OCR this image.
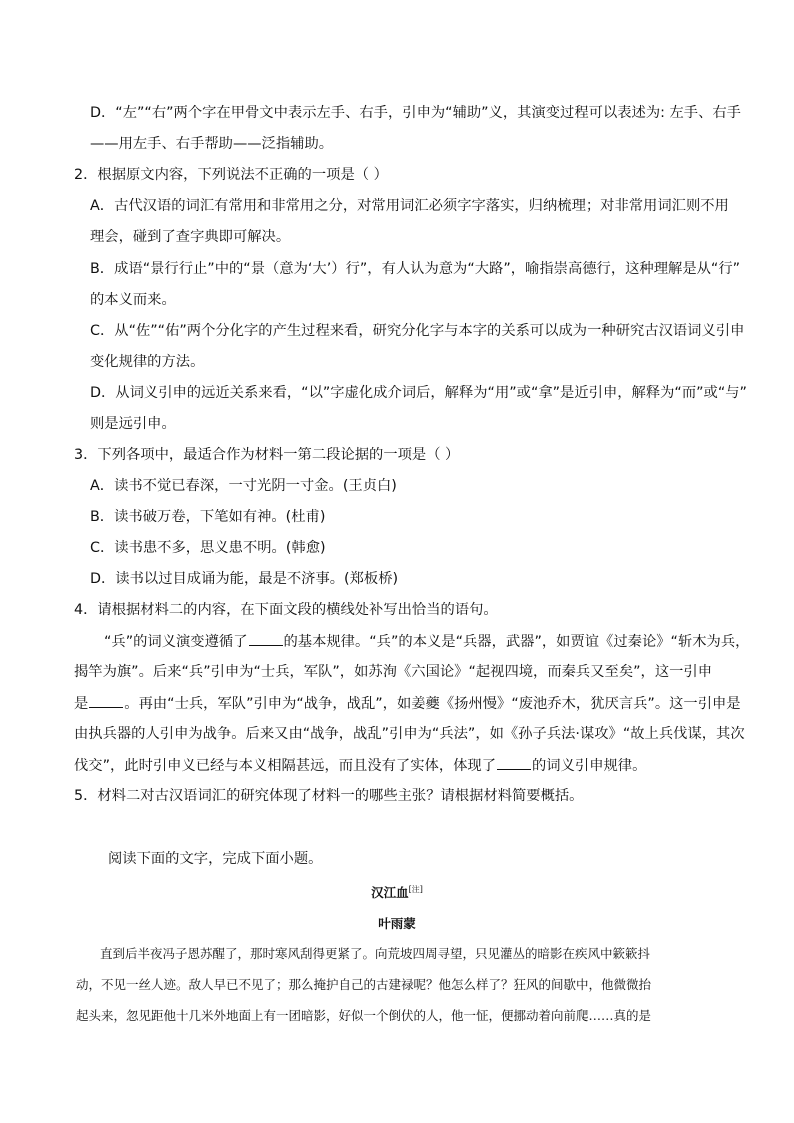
D．“左”“右”两个字在甲骨文中表示左手、右手，引申为“辅助”义，其演变过程可以表述为: 左手、右手
——用左手、右手帮助——泛指辅助。
2．根据原文内容，下列说法不正确的一项是（ ）
A．古代汉语的词汇有常用和非常用之分，对常用词汇必须字字落实，归纳梳理；对非常用词汇则不用
理会，碰到了查字典即可解决。
B．成语“景行行止”中的“景（意为‘大’）行”，有人认为意为“大路”，喻指崇高德行，这种理解是从“行”
的本义而来。
C．从“佐”“佑”两个分化字的产生过程来看，研究分化字与本字的关系可以成为一种研究古汉语词义引申
变化规律的方法。
D．从词义引申的远近关系来看，“以”字虚化成介词后，解释为“用”或“拿”是近引申，解释为“而”或“与”
则是远引申。
3．下列各项中，最适合作为材料一第二段论据的一项是（ ）
A．读书不觉已春深，一寸光阴一寸金。(王贞白)
B．读书破万卷，下笔如有神。(杜甫)
C．读书患不多，思义患不明。(韩愈)
D．读书以过目成诵为能，最是不济事。(郑板桥)
4．请根据材料二的内容，在下面文段的横线处补写出恰当的语句。
“兵”的词义演变遵循了	的基本规律。“兵”的本义是“兵器，武器”，如贾谊《过秦论》“斩木为兵，
揭竿为旗”。后来“兵”引申为“士兵，军队”，如苏洵《六国论》“起视四境，而秦兵又至矣”，这一引申
是	。再由“士兵，军队”引申为“战争，战乱”，如姜夔《扬州慢》“废池乔木，犹厌言兵”。这一引申是
由执兵器的人引申为战争。后来又由“战争，战乱”引申为“兵法”，如《孙子兵法·谋攻》“故上兵伐谋，其次
伐交”，此时引申义已经与本义相隔甚远，而且没有了实体，体现了	的词义引申规律。
5．材料二对古汉语词汇的研究体现了材料一的哪些主张？请根据材料简要概括。
阅读下面的文字，完成下面小题。
汉江血[注]
叶雨蒙
直到后半夜冯子恩苏醒了，那时寒风刮得更紧了。向荒坡四周寻望，只见灌丛的暗影在疾风中簌簌抖
动，不见一丝人迹。敌人早已不见了；那么掩护自己的古建禄呢？他怎么样了？狂风的间歇中，他微微抬
起头来，忽见距他十几米外地面上有一团暗影，好似一个倒伏的人，他一怔，便挪动着向前爬……真的是
